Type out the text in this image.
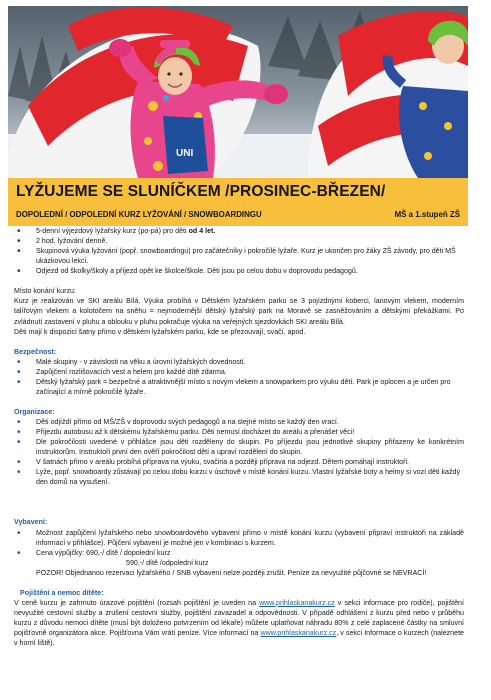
UNI
LYŽUJEME SE SLUNÍČKEM /PROSINEC-BŘEZEN/
DOPOLEDNÍ / ODPOLEDNÍ KURZ LYŽOVÁNÍ / SNOWBOARDINGU	MŠ a 1.stupeň ZŠ
• 5-denní výjezdový lyžařský kurz (po-pá) pro děti od 4 let.
• 2 hod. lyžování denně.
• Skupinová výuka lyžování (popř. snowboardingu) pro začátečníky i pokročilé lyžaře. Kurz je ukončen pro žáky ZŠ závody, pro děti MŠ ukázkovou lekcí.
• Odjezd od školky/školy a příjezd opět ke školce/škole. Děti jsou po celou dobu v doprovodu pedagogů.
Místo konání kurzu:
Kurz je realizován ve SKI areálu Bílá. Výuka probíhá v Dětském lyžařském parku se 3 pojízdnými koberci, lanovým vlekem, moderním talířovým vlekem a kolotočem na sněhu = nejmodernější dětský lyžařský park na Moravě se zasněžováním a dětskými překážkami. Po zvládnutí zastavení v pluhu a oblouku v pluhu pokračuje výuka na veřejných sjezdovkách SKI areálu Bílá.
Děti mají k dispozici šatny přímo v dětském lyžařském parku, kde se přezouvají, svačí, apod.
Bezpečnost:
• Malé skupiny - v závislosti na věku a úrovni lyžařských dovedností.
• Zapůjčení rozlišovacích vest a helem pro každé dítě zdarma.
• Dětský lyžařský park = bezpečné a atraktivnější místo s novým vlekem a snowparkem pro výuku dětí. Park je oplocen a je určen pro začínající a mírně pokročilé lyžaře.
Organizace:
• Děti odjíždí přímo od MŠ/ZŠ v doprovodu svých pedagogů a na stejné místo se každý den vrací.
• Přijezdu autobusu až k dětskému lyžařskému parku. Děti nemusí docházet do areálu a přenášet věci!
• Dle pokročilosti uvedené v přihlášce jsou děti rozděleny do skupin. Po příjezdu jsou jednotlivé skupiny přiřazeny ke konkrétním instruktorům. Instruktoři první den ověří pokročilost dětí a upraví rozdělení do skupin.
• V šatnách přímo v areálu probíhá příprava na výuku, svačina a později příprava na odjezd. Dětem pomáhají instruktoři.
• Lyže, popř. snowboardy zůstávají po celou dobu kurzu v úschově v místě konání kurzu. Vlastní lyžařské boty a helmy si vozí děti každý den domů na vysušení.
Vybavení:
• Možnost zapůjčení lyžařského nebo snowboardového vybavení přímo v místě konání kurzu (vybavení připraví instruktoři na základě informací v přihlášce). Půjčení vybavení je možné jen v kombinaci s kurzem.
• Cena výpůjčky: 690,-/ dítě / dopolední kurz
590,-/ dítě /odpolední kurz
POZOR! Objednanou rezervaci lyžařského / SNB vybavení nelze později zrušit. Peníze za nevyužité půjčovné se NEVRACÍ!
Pojištění a nemoc dítěte:
V ceně kurzu je zahrnuto úrazové pojištění (rozsah pojištění je uveden na www.prihlaskanakurz.cz v sekci informace pro rodiče), pojištění nevyužité cestovní služby a zrušení cestovní služby, pojištění zavazadel a odpovědnosti. V případě odhlášení z kurzu před nebo v průběhu kurzu z důvodu nemoci dítěte (musí být doloženo potvrzením od lékaře) můžete uplatňovat náhradu 80% z celé zaplacené částky na smluvní pojišťovně organizátora akce. Pojišťovna Vám vrátí peníze. Více informací na www.prihlaskanakurz.cz, v sekci Informace o kurzech (naleznete v horní liště).
